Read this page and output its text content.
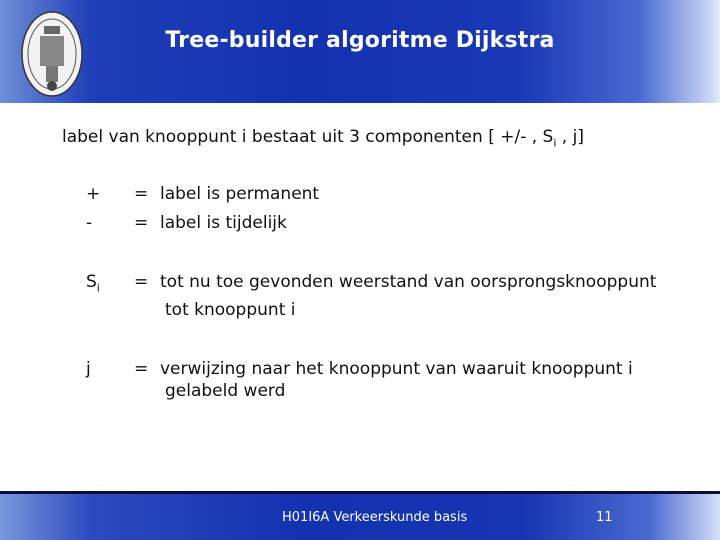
Tree-builder algoritme Dijkstra
label van knooppunt i bestaat uit 3 componenten [ +/- , $S_i$ , j]
+ = label is permanent
- = label is tijdelijk
$S_i$ = tot nu toe gevonden weerstand van oorsprongsknooppunt
tot knooppunt i
j	= verwijzing naar het knooppunt van waaruit knooppunt i
gelabeld werd
H01I6A Verkeerskunde basis	11
